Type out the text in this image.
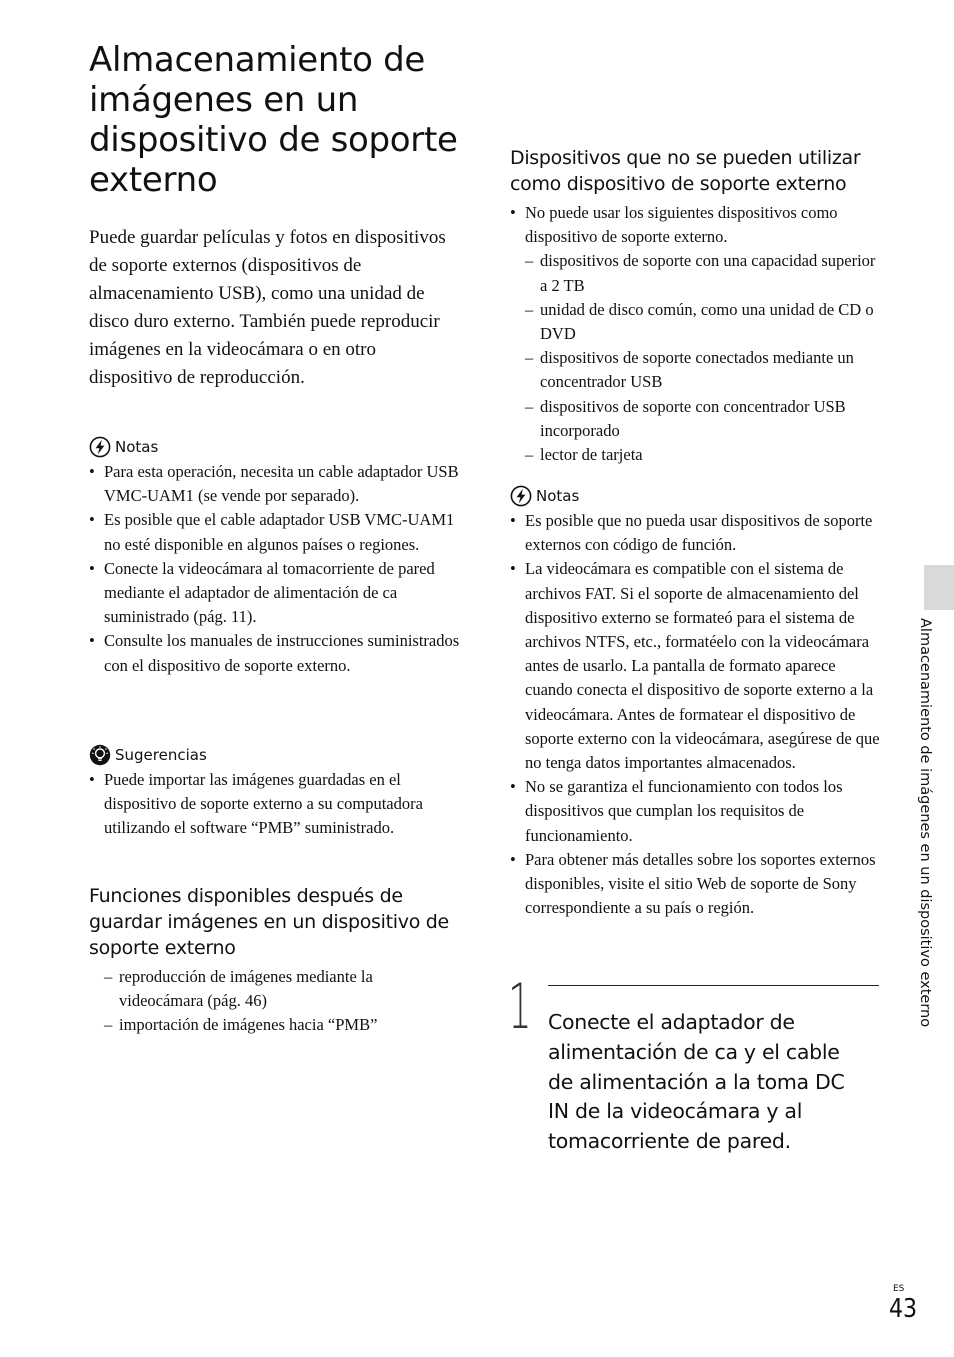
Almacenamiento de imágenes en un dispositivo de soporte externo

Puede guardar películas y fotos en dispositivos de soporte externos (dispositivos de almacenamiento USB), como una unidad de disco duro externo. También puede reproducir imágenes en la videocámara o en otro dispositivo de reproducción.

Notas
• Para esta operación, necesita un cable adaptador USB VMC-UAM1 (se vende por separado).
• Es posible que el cable adaptador USB VMC-UAM1 no esté disponible en algunos países o regiones.
• Conecte la videocámara al tomacorriente de pared mediante el adaptador de alimentación de ca suministrado (pág. 11).
• Consulte los manuales de instrucciones suministrados con el dispositivo de soporte externo.
Sugerencias
• Puede importar las imágenes guardadas en el dispositivo de soporte externo a su computadora utilizando el software “PMB” suministrado.
Funciones disponibles después de guardar imágenes en un dispositivo de soporte externo
– reproducción de imágenes mediante la videocámara (pág. 46)
– importación de imágenes hacia “PMB”
Dispositivos que no se pueden utilizar como dispositivo de soporte externo
• No puede usar los siguientes dispositivos como dispositivo de soporte externo.
– dispositivos de soporte con una capacidad superior a 2 TB
– unidad de disco común, como una unidad de CD o DVD
– dispositivos de soporte conectados mediante un concentrador USB
– dispositivos de soporte con concentrador USB incorporado
– lector de tarjeta
Notas
• Es posible que no pueda usar dispositivos de soporte externos con código de función.
• La videocámara es compatible con el sistema de archivos FAT. Si el soporte de almacenamiento del dispositivo externo se formateó para el sistema de archivos NTFS, etc., formatéelo con la videocámara antes de usarlo. La pantalla de formato aparece cuando conecta el dispositivo de soporte externo a la videocámara. Antes de formatear el dispositivo de soporte externo con la videocámara, asegúrese de que no tenga datos importantes almacenados.
• No se garantiza el funcionamiento con todos los dispositivos que cumplan los requisitos de funcionamiento.
• Para obtener más detalles sobre los soportes externos disponibles, visite el sitio Web de soporte de Sony correspondiente a su país o región.
1 Conecte el adaptador de alimentación de ca y el cable de alimentación a la toma DC IN de la videocámara y al tomacorriente de pared.

Almacenamiento de imágenes en un dispositivo externo
ES
43
